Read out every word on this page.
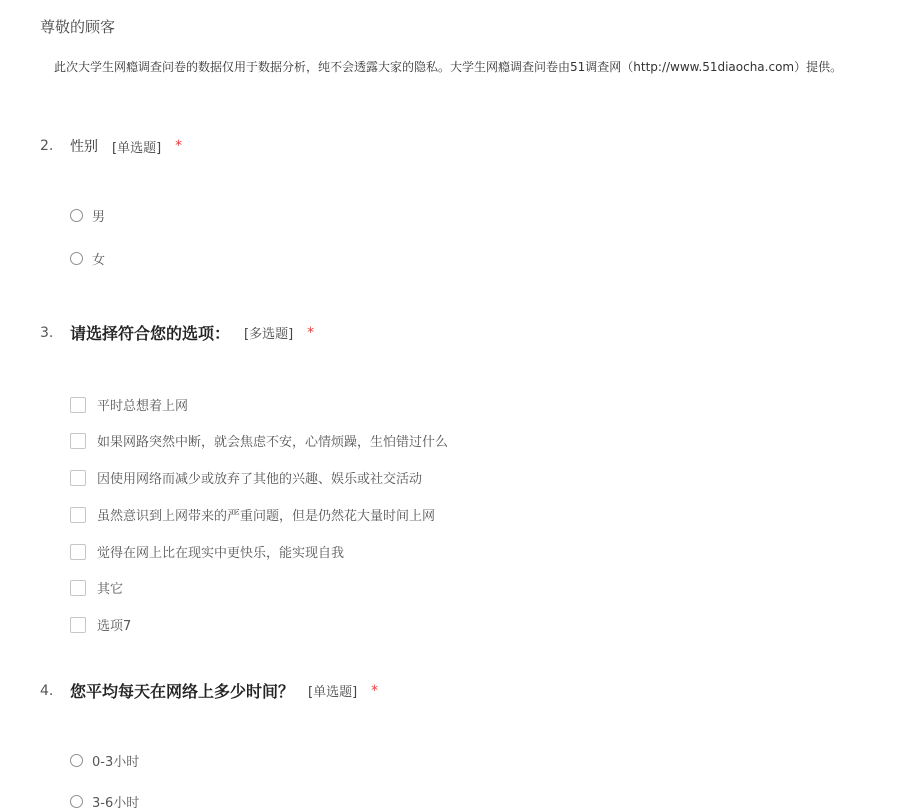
尊敬的顾客
此次大学生网瘾调查问卷的数据仅用于数据分析，纯不会透露大家的隐私。大学生网瘾调查问卷由51调查网（http://www.51diaocha.com）提供。
2.	性别 [单选题] *
男
女
3.	请选择符合您的选项： [多选题] *
平时总想着上网
如果网路突然中断，就会焦虑不安，心情烦躁，生怕错过什么
因使用网络而减少或放弃了其他的兴趣、娱乐或社交活动
虽然意识到上网带来的严重问题，但是仍然花大量时间上网
觉得在网上比在现实中更快乐，能实现自我
其它
选项7
4.	您平均每天在网络上多少时间？ [单选题] *
0-3小时
3-6小时
